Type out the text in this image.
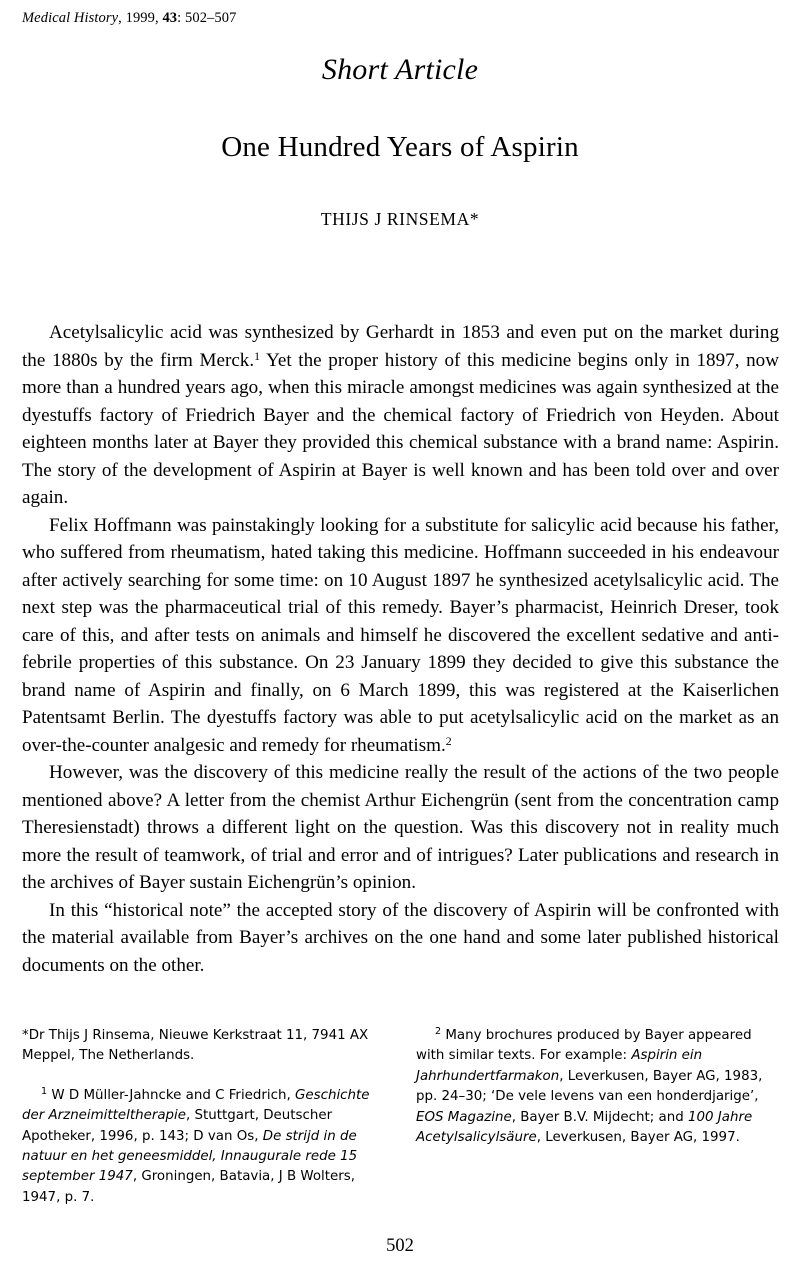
Medical History, 1999, 43: 502–507
Short Article
One Hundred Years of Aspirin
THIJS J RINSEMA*

Acetylsalicylic acid was synthesized by Gerhardt in 1853 and even put on the market during the 1880s by the firm Merck.$^1$ Yet the proper history of this medicine begins only in 1897, now more than a hundred years ago, when this miracle amongst medicines was again synthesized at the dyestuffs factory of Friedrich Bayer and the chemical factory of Friedrich von Heyden. About eighteen months later at Bayer they provided this chemical substance with a brand name: Aspirin. The story of the development of Aspirin at Bayer is well known and has been told over and over again.

Felix Hoffmann was painstakingly looking for a substitute for salicylic acid because his father, who suffered from rheumatism, hated taking this medicine. Hoffmann succeeded in his endeavour after actively searching for some time: on 10 August 1897 he synthesized acetylsalicylic acid. The next step was the pharmaceutical trial of this remedy. Bayer’s pharmacist, Heinrich Dreser, took care of this, and after tests on animals and himself he discovered the excellent sedative and anti-febrile properties of this substance. On 23 January 1899 they decided to give this substance the brand name of Aspirin and finally, on 6 March 1899, this was registered at the Kaiserlichen Patentsamt Berlin. The dyestuffs factory was able to put acetylsalicylic acid on the market as an over-the-counter analgesic and remedy for rheumatism.$^2$

However, was the discovery of this medicine really the result of the actions of the two people mentioned above? A letter from the chemist Arthur Eichengrün (sent from the concentration camp Theresienstadt) throws a different light on the question. Was this discovery not in reality much more the result of teamwork, of trial and error and of intrigues? Later publications and research in the archives of Bayer sustain Eichengrün’s opinion.

In this “historical note” the accepted story of the discovery of Aspirin will be confronted with the material available from Bayer’s archives on the one hand and some later published historical documents on the other.

*Dr Thijs J Rinsema, Nieuwe Kerkstraat 11, 7941 AX Meppel, The Netherlands.

$^1$ W D Müller-Jahncke and C Friedrich, Geschichte der Arzneimitteltherapie, Stuttgart, Deutscher Apotheker, 1996, p. 143; D van Os, De strijd in de natuur en het geneesmiddel, Innaugurale rede 15 september 1947, Groningen, Batavia, J B Wolters, 1947, p. 7.

$^2$ Many brochures produced by Bayer appeared with similar texts. For example: Aspirin ein Jahrhundertfarmakon, Leverkusen, Bayer AG, 1983, pp. 24–30; ‘De vele levens van een honderdjarige’, EOS Magazine, Bayer B.V. Mijdecht; and 100 Jahre Acetylsalicylsäure, Leverkusen, Bayer AG, 1997.

502
